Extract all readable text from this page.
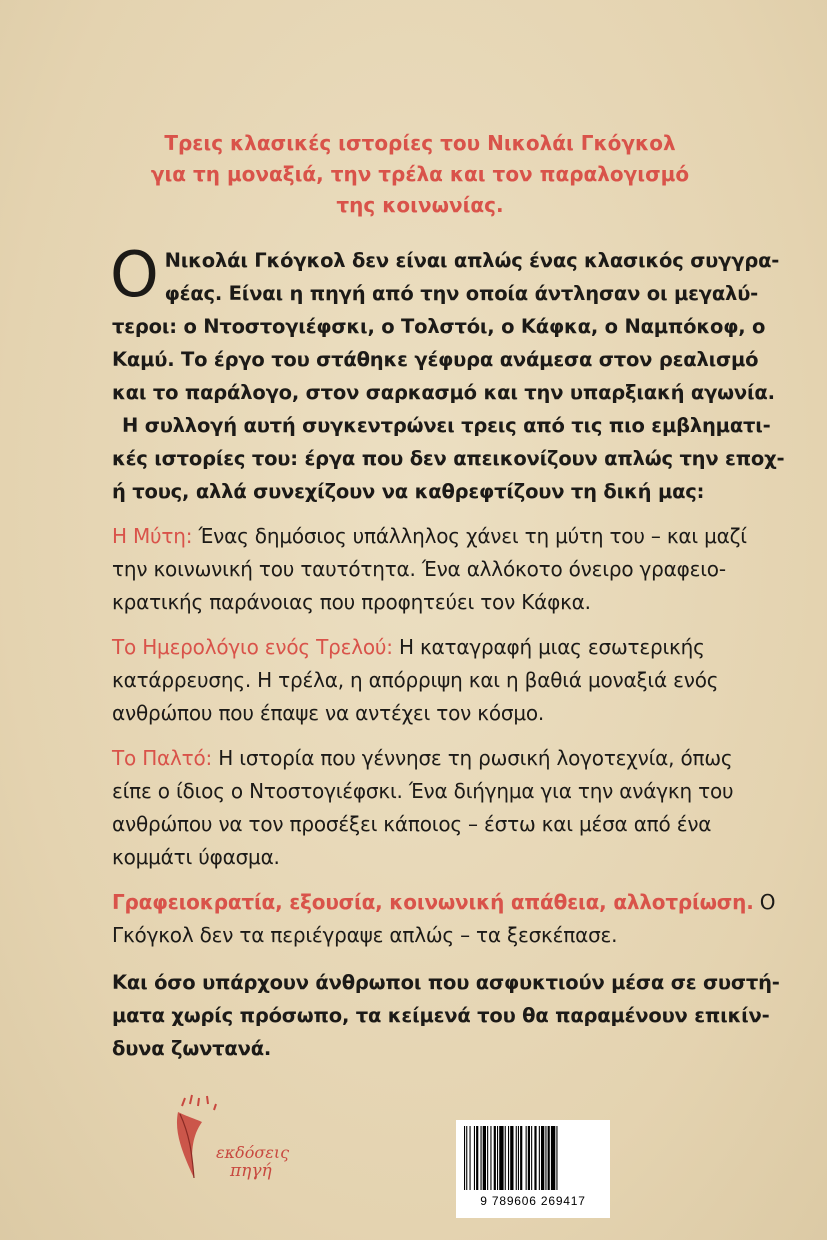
Τρεις κλασικές ιστορίες του Νικολάι Γκόγκολ
για τη μοναξιά, την τρέλα και τον παραλογισμό
της κοινωνίας.
Ο Νικολάι Γκόγκολ δεν είναι απλώς ένας κλασικός συγγρα-
φέας. Είναι η πηγή από την οποία άντλησαν οι μεγαλύ-
τεροι: ο Ντοστογιέφσκι, ο Τολστόι, ο Κάφκα, ο Ναμπόκοφ, ο
Καμύ. Το έργο του στάθηκε γέφυρα ανάμεσα στον ρεαλισμό
και το παράλογο, στον σαρκασμό και την υπαρξιακή αγωνία.
Η συλλογή αυτή συγκεντρώνει τρεις από τις πιο εμβληματι-
κές ιστορίες του: έργα που δεν απεικονίζουν απλώς την εποχ-
ή τους, αλλά συνεχίζουν να καθρεφτίζουν τη δική μας:
Η Μύτη: Ένας δημόσιος υπάλληλος χάνει τη μύτη του – και μαζί
την κοινωνική του ταυτότητα. Ένα αλλόκοτο όνειρο γραφειο-
κρατικής παράνοιας που προφητεύει τον Κάφκα.
Το Ημερολόγιο ενός Τρελού: Η καταγραφή μιας εσωτερικής
κατάρρευσης. Η τρέλα, η απόρριψη και η βαθιά μοναξιά ενός
ανθρώπου που έπαψε να αντέχει τον κόσμο.
Το Παλτό: Η ιστορία που γέννησε τη ρωσική λογοτεχνία, όπως
είπε ο ίδιος ο Ντοστογιέφσκι. Ένα διήγημα για την ανάγκη του
ανθρώπου να τον προσέξει κάποιος – έστω και μέσα από ένα
κομμάτι ύφασμα.
Γραφειοκρατία, εξουσία, κοινωνική απάθεια, αλλοτρίωση. Ο
Γκόγκολ δεν τα περιέγραψε απλώς – τα ξεσκέπασε.
Και όσο υπάρχουν άνθρωποι που ασφυκτιούν μέσα σε συστή-
ματα χωρίς πρόσωπο, τα κείμενά του θα παραμένουν επικίν-
δυνα ζωντανά.
εκδόσεις
πηγή
9 789606 269417
